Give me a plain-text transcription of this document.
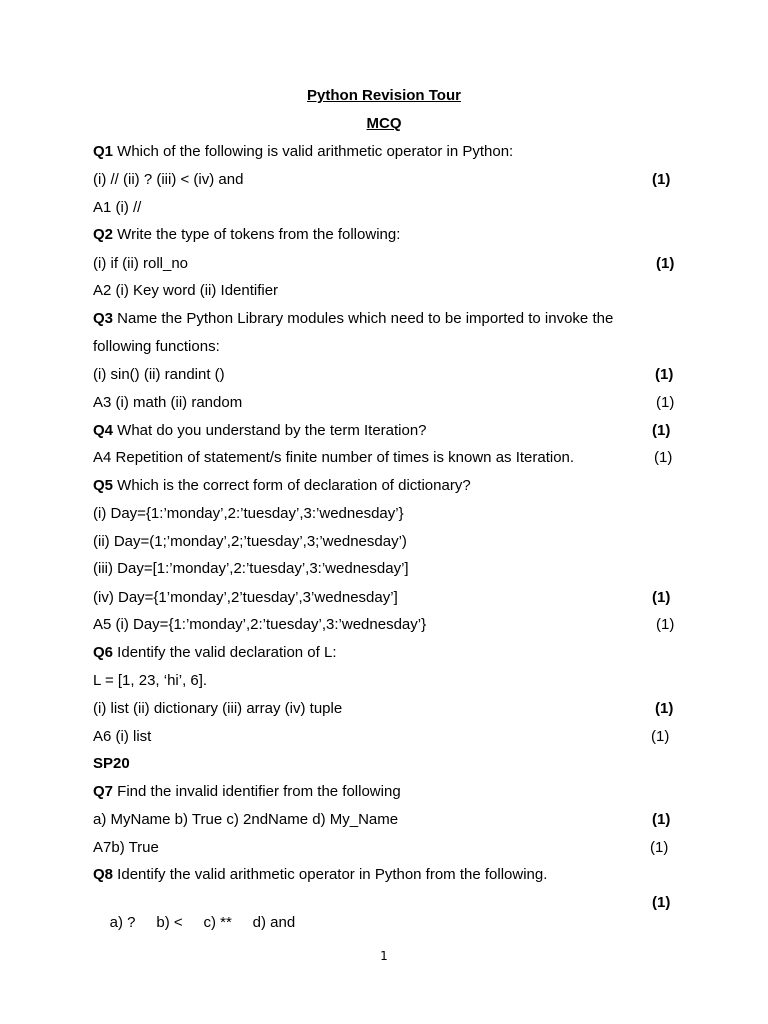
Python Revision Tour
MCQ
Q1 Which of the following is valid arithmetic operator in Python:
(i) // (ii) ? (iii) < (iv) and	(1)
A1 (i) //
Q2 Write the type of tokens from the following:
(i) if (ii) roll_no	(1)
A2 (i) Key word (ii) Identifier
Q3 Name the Python Library modules which need to be imported to invoke the
following functions:
(i) sin() (ii) randint ()	(1)
A3 (i) math (ii) random	(1)
Q4 What do you understand by the term Iteration?	(1)
A4 Repetition of statement/s finite number of times is known as Iteration.	(1)
Q5 Which is the correct form of declaration of dictionary?
(i) Day={1:’monday’,2:’tuesday’,3:’wednesday’}
(ii) Day=(1;’monday’,2;’tuesday’,3;’wednesday’)
(iii) Day=[1:’monday’,2:’tuesday’,3:’wednesday’]
(iv) Day={1’monday’,2’tuesday’,3’wednesday’]	(1)
A5 (i) Day={1:’monday’,2:’tuesday’,3:’wednesday’}	(1)
Q6 Identify the valid declaration of L:
L = [1, 23, ‘hi’, 6].
(i) list (ii) dictionary (iii) array (iv) tuple	(1)
A6 (i) list	(1)
SP20
Q7 Find the invalid identifier from the following
a) MyName b) True c) 2ndName d) My_Name	(1)
A7b) True	(1)
Q8 Identify the valid arithmetic operator in Python from the following.

a) ?     b) <     c) **     d) and

(1)

1
